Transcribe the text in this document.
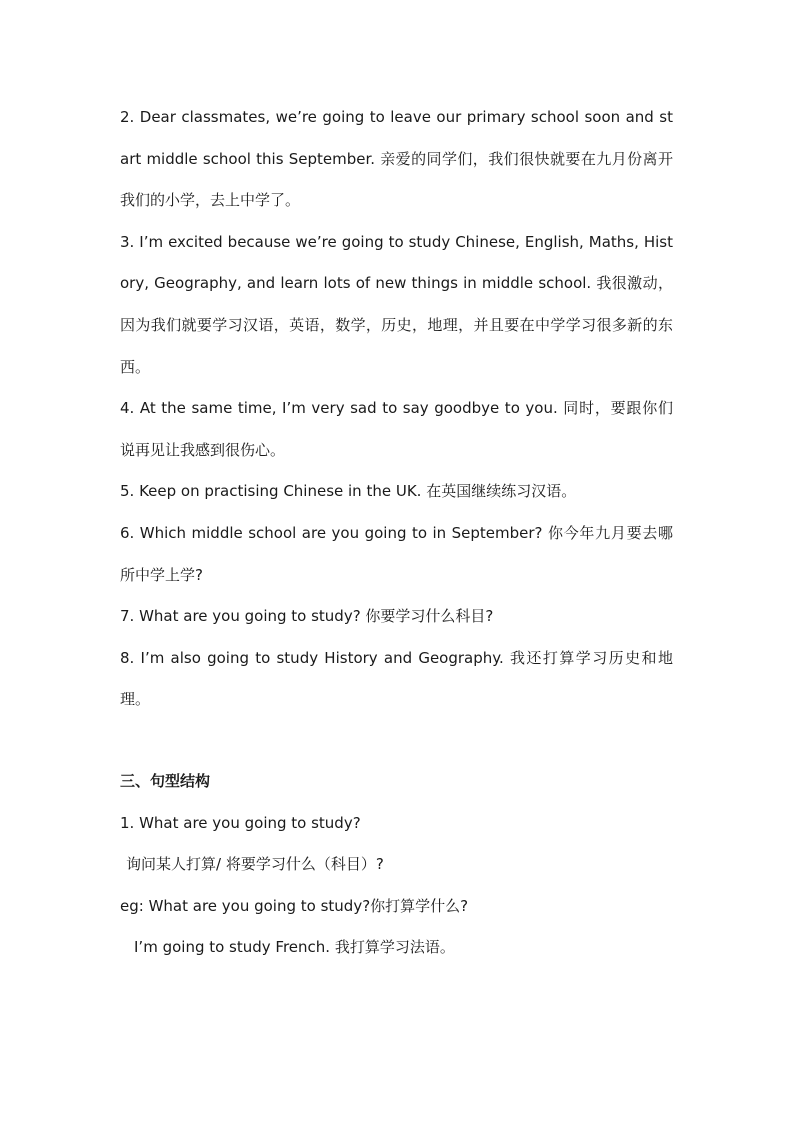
2. Dear classmates, we’re going to leave our primary school soon and start middle school this September. 亲爱的同学们，我们很快就要在九月份离开我们的小学，去上中学了。

3. I’m excited because we’re going to study Chinese, English, Maths, History, Geography, and learn lots of new things in middle school. 我很激动，因为我们就要学习汉语，英语，数学，历史，地理，并且要在中学学习很多新的东西。

4. At the same time, I’m very sad to say goodbye to you. 同时，要跟你们说再见让我感到很伤心。

5. Keep on practising Chinese in the UK. 在英国继续练习汉语。

6. Which middle school are you going to in September? 你今年九月要去哪所中学上学?

7. What are you going to study? 你要学习什么科目?

8. I’m also going to study History and Geography. 我还打算学习历史和地理。

三、句型结构

1. What are you going to study?

询问某人打算/ 将要学习什么（科目）?

eg: What are you going to study?你打算学什么?

I’m going to study French. 我打算学习法语。
